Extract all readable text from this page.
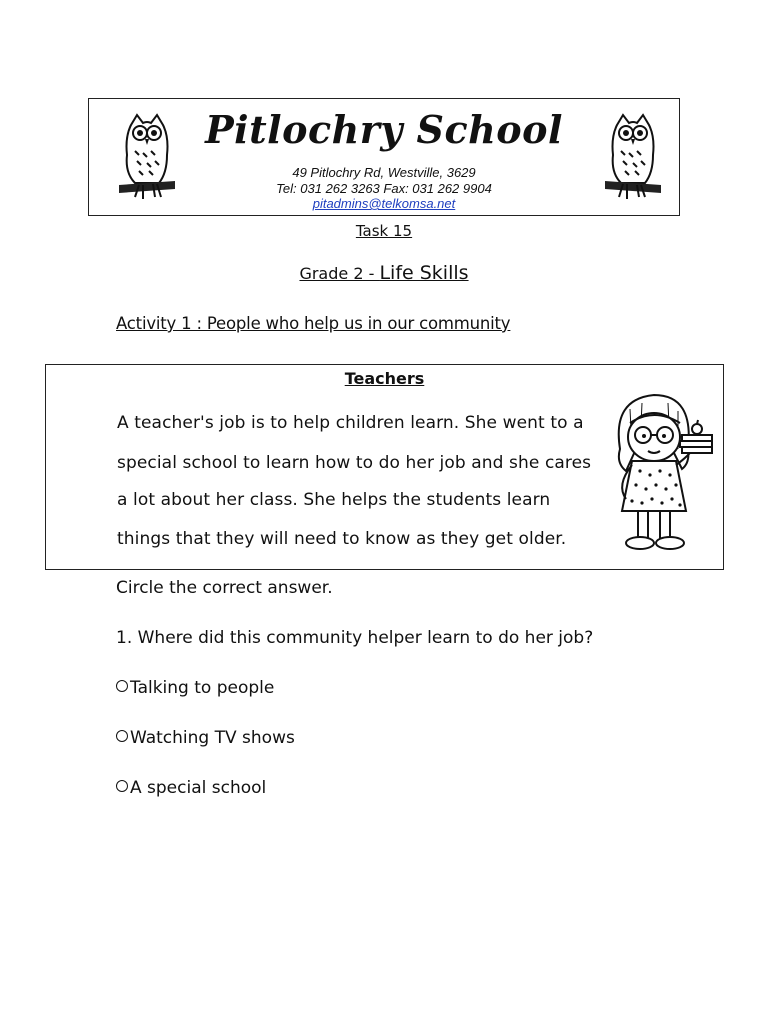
Pitlochry School
49 Pitlochry Rd, Westville, 3629
Tel: 031 262 3263 Fax: 031 262 9904
pitadmins@telkomsa.net
Task 15
Grade 2 - Life Skills
Activity 1 : People who help us in our community
Teachers
A teacher's job is to help children learn. She went to a
special school to learn how to do her job and she cares
a lot about her class. She helps the students learn
things that they will need to know as they get older.
Circle the correct answer.
1. Where did this community helper learn to do her job?
Talking to people
Watching TV shows
A special school
